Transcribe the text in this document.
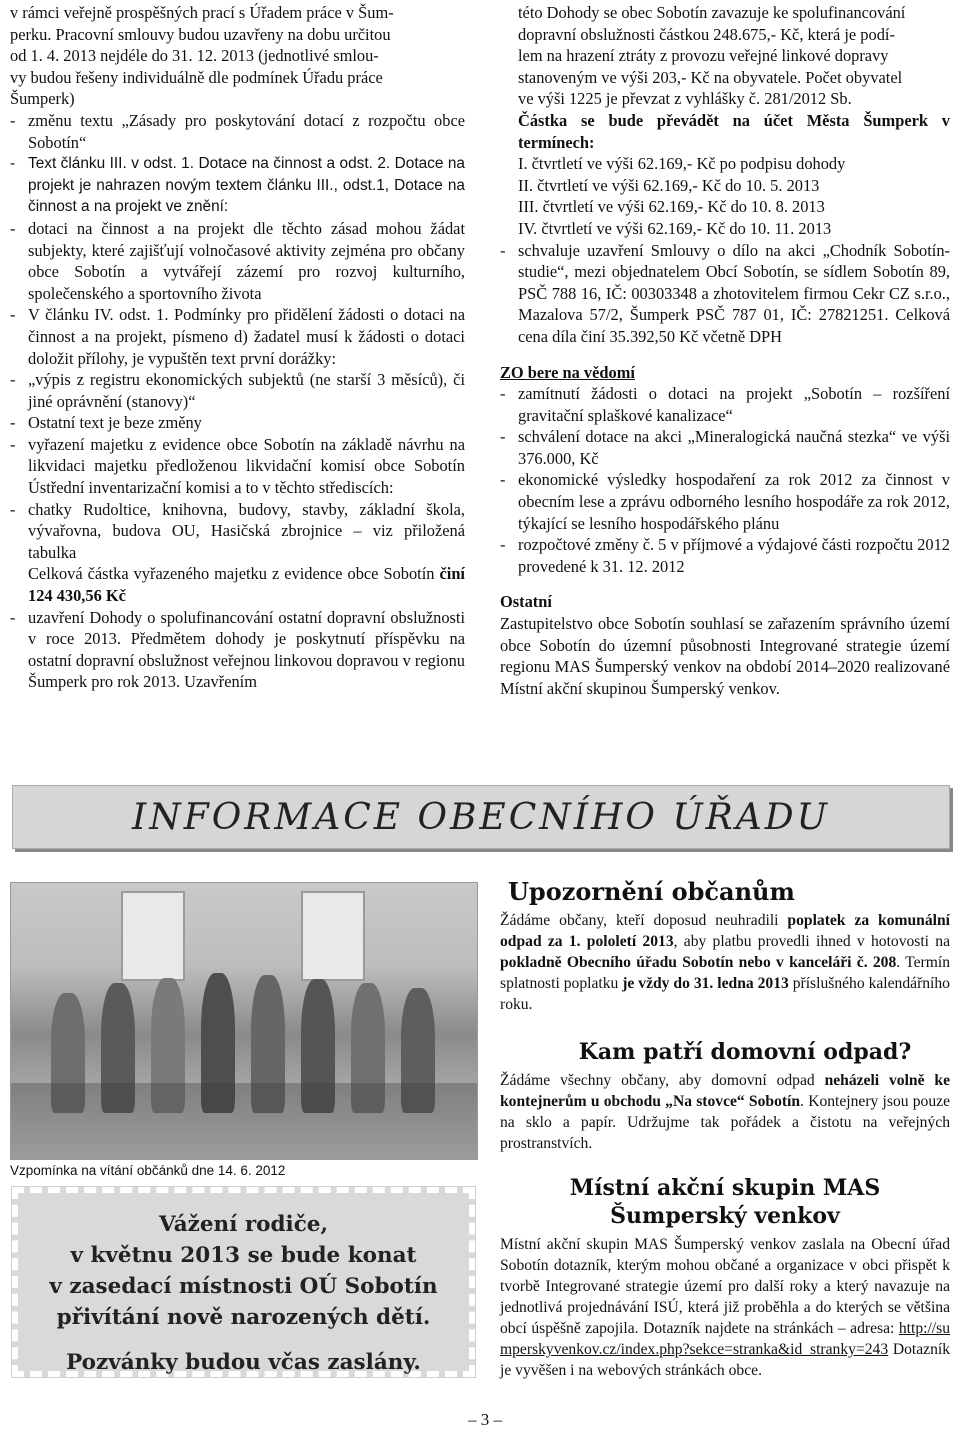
v rámci veřejně prospěšných prací s Úřadem práce v Šum-

perku. Pracovní smlouvy budou uzavřeny na dobu určitou

od 1. 4. 2013 nejdéle do 31. 12. 2013 (jednotlivé smlou-

vy budou řešeny individuálně dle podmínek Úřadu práce

Šumperk)

- změnu textu „Zásady pro poskytování dotací z rozpočtu obce Sobotín“

- Text článku III. v odst. 1. Dotace na činnost a odst. 2. Dotace na projekt je nahrazen novým textem článku III., odst.1, Dotace na činnost a na projekt ve znění:

- dotaci na činnost a na projekt dle těchto zásad mohou žádat subjekty, které zajišťují volnočasové aktivity zejména pro občany obce Sobotín a vytvářejí zázemí pro rozvoj kulturního, společenského a sportovního života

- V článku IV. odst. 1. Podmínky pro přidělení žádosti o dotaci na činnost a na projekt, písmeno d) žadatel musí k žádosti o dotaci doložit přílohy, je vypuštěn text první dorážky:

- „výpis z registru ekonomických subjektů (ne starší 3 měsíců), či jiné oprávnění (stanovy)“

- Ostatní text je beze změny

- vyřazení majetku z evidence obce Sobotín na základě návrhu na likvidaci majetku předloženou likvidační komisí obce Sobotín Ústřední inventarizační komisi a to v těchto střediscích:

- chatky Rudoltice, knihovna, budovy, stavby, základní škola, vývařovna, budova OU, Hasičská zbrojnice – viz přiložená tabulka

Celková částka vyřazeného majetku z evidence obce Sobotín činí 124 430,56 Kč

- uzavření Dohody o spolufinancování ostatní dopravní obslužnosti v roce 2013. Předmětem dohody je poskytnutí příspěvku na ostatní dopravní obslužnost veřejnou linkovou dopravou v regionu Šumperk pro rok 2013. Uzavřením

této Dohody se obec Sobotín zavazuje ke spolufinancování

dopravní obslužnosti částkou 248.675,- Kč, která je podí-

lem na hrazení ztráty z provozu veřejné linkové dopravy

stanoveným ve výši 203,- Kč na obyvatele. Počet obyvatel

ve výši 1225 je převzat z vyhlášky č. 281/2012 Sb.

Částka se bude převádět na účet Města Šumperk v termínech:

I. čtvrtletí ve výši 62.169,- Kč po podpisu dohody

II. čtvrtletí ve výši 62.169,- Kč do 10. 5. 2013

III. čtvrtletí ve výši 62.169,- Kč do 10. 8. 2013

IV. čtvrtletí ve výši 62.169,- Kč do 10. 11. 2013

- schvaluje uzavření Smlouvy o dílo na akci „Chodník Sobotín-studie“, mezi objednatelem Obcí Sobotín, se sídlem Sobotín 89, PSČ 788 16, IČ: 00303348 a zhotovitelem firmou Cekr CZ s.r.o., Mazalova 57/2, Šumperk PSČ 787 01, IČ: 27821251. Celková cena díla činí 35.392,50 Kč včetně DPH

ZO bere na vědomí

- zamítnutí žádosti o dotaci na projekt „Sobotín – rozšíření gravitační splaškové kanalizace“

- schválení dotace na akci „Mineralogická naučná stezka“ ve výši 376.000, Kč

- ekonomické výsledky hospodaření za rok 2012 za činnost v obecním lese a zprávu odborného lesního hospodáře za rok 2012, týkající se lesního hospodářského plánu

- rozpočtové změny č. 5 v příjmové a výdajové části rozpočtu 2012 provedené k 31. 12. 2012

Ostatní

Zastupitelstvo obce Sobotín souhlasí se zařazením správního území obce Sobotín do územní působnosti Integrované strategie území regionu MAS Šumperský venkov na období 2014–2020 realizované Místní akční skupinou Šumperský venkov.

INFORMACE OBECNÍHO ÚŘADU
Vzpomínka na vítání občánků dne 14. 6. 2012

Vážení rodiče,

v květnu 2013 se bude konat

v zasedací místnosti OÚ Sobotín

přivítání nově narozených dětí.

Pozvánky budou včas zaslány.

Upozornění občanům

Žádáme občany, kteří doposud neuhradili poplatek za komunální odpad za 1. pololetí 2013, aby platbu provedli ihned v hotovosti na pokladně Obecního úřadu Sobotín nebo v kanceláři č. 208. Termín splatnosti poplatku je vždy do 31. ledna 2013 příslušného kalendářního roku.

Kam patří domovní odpad?

Žádáme všechny občany, aby domovní odpad neházeli volně ke kontejnerům u obchodu „Na stovce“ Sobotín. Kontejnery jsou pouze na sklo a papír. Udržujme tak pořádek a čistotu na veřejných prostranstvích.

Místní akční skupin MAS Šumperský venkov

Místní akční skupin MAS Šumperský venkov zaslala na Obecní úřad Sobotín dotazník, kterým mohou občané a organizace v obci přispět k tvorbě Integrované strategie území pro další roky a který navazuje na jednotlivá projednávání ISÚ, která již proběhla a do kterých se většina obcí úspěšně zapojila. Dotazník najdete na stránkách – adresa: http://sumperskyvenkov.cz/index.php?sekce=stranka&id_stranky=243 Dotazník je vyvěšen i na webových stránkách obce.

– 3 –
